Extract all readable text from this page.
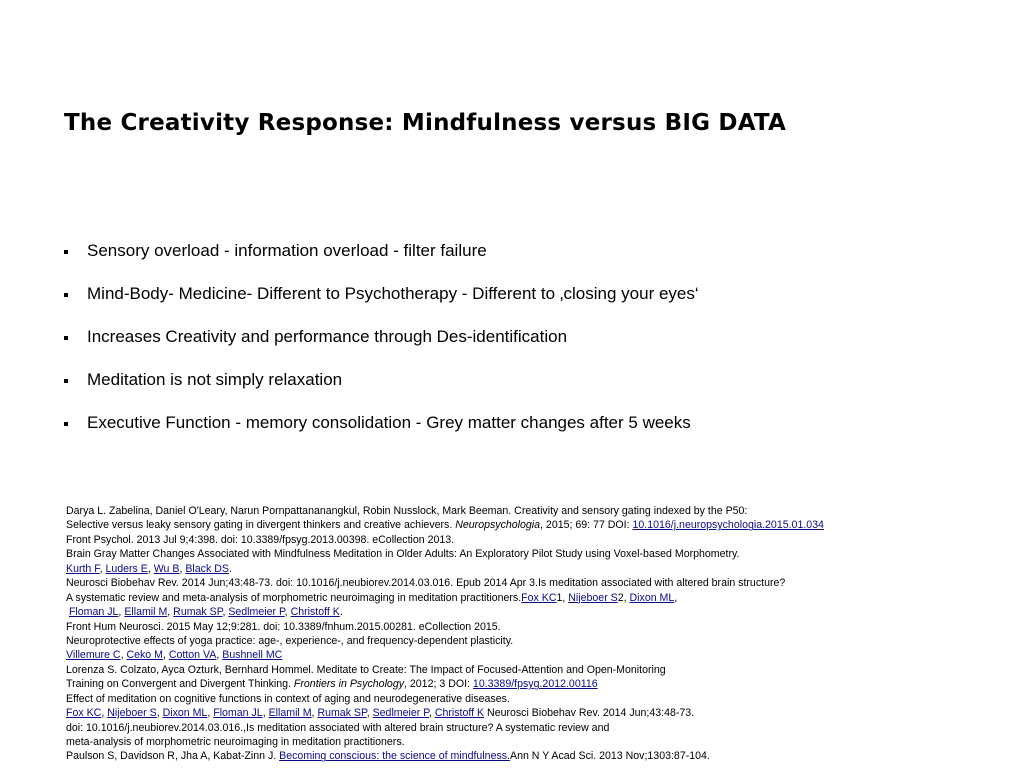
The Creativity Response: Mindfulness versus BIG DATA
Sensory overload - information overload - filter failure
Mind-Body- Medicine- Different to Psychotherapy - Different to ‚closing your eyes‘
Increases Creativity and performance through Des-identification
Meditation is not simply relaxation
Executive Function - memory consolidation - Grey matter changes after 5 weeks
Darya L. Zabelina, Daniel O'Leary, Narun Pornpattananangkul, Robin Nusslock, Mark Beeman. Creativity and sensory gating indexed by the P50:
Selective versus leaky sensory gating in divergent thinkers and creative achievers. Neuropsychologia, 2015; 69: 77 DOI: 10.1016/j.neuropsychologia.2015.01.034
Front Psychol. 2013 Jul 9;4:398. doi: 10.3389/fpsyg.2013.00398. eCollection 2013.
Brain Gray Matter Changes Associated with Mindfulness Meditation in Older Adults: An Exploratory Pilot Study using Voxel-based Morphometry.
Kurth F, Luders E, Wu B, Black DS.
Neurosci Biobehav Rev. 2014 Jun;43:48-73. doi: 10.1016/j.neubiorev.2014.03.016. Epub 2014 Apr 3.Is meditation associated with altered brain structure?
A systematic review and meta-analysis of morphometric neuroimaging in meditation practitioners.Fox KC1, Nijeboer S2, Dixon ML,
Floman JL, Ellamil M, Rumak SP, Sedlmeier P, Christoff K.
Front Hum Neurosci. 2015 May 12;9:281. doi: 10.3389/fnhum.2015.00281. eCollection 2015.
Neuroprotective effects of yoga practice: age-, experience-, and frequency-dependent plasticity.
Villemure C, Ceko M, Cotton VA, Bushnell MC
Lorenza S. Colzato, Ayca Ozturk, Bernhard Hommel. Meditate to Create: The Impact of Focused-Attention and Open-Monitoring
Training on Convergent and Divergent Thinking. Frontiers in Psychology, 2012; 3 DOI: 10.3389/fpsyg.2012.00116
Effect of meditation on cognitive functions in context of aging and neurodegenerative diseases.
Fox KC, Nijeboer S, Dixon ML, Floman JL, Ellamil M, Rumak SP, Sedlmeier P, Christoff K Neurosci Biobehav Rev. 2014 Jun;43:48-73.
doi: 10.1016/j.neubiorev.2014.03.016.,Is meditation associated with altered brain structure? A systematic review and
meta-analysis of morphometric neuroimaging in meditation practitioners.
Paulson S, Davidson R, Jha A, Kabat-Zinn J. Becoming conscious: the science of mindfulness.Ann N Y Acad Sci. 2013 Nov;1303:87-104.
